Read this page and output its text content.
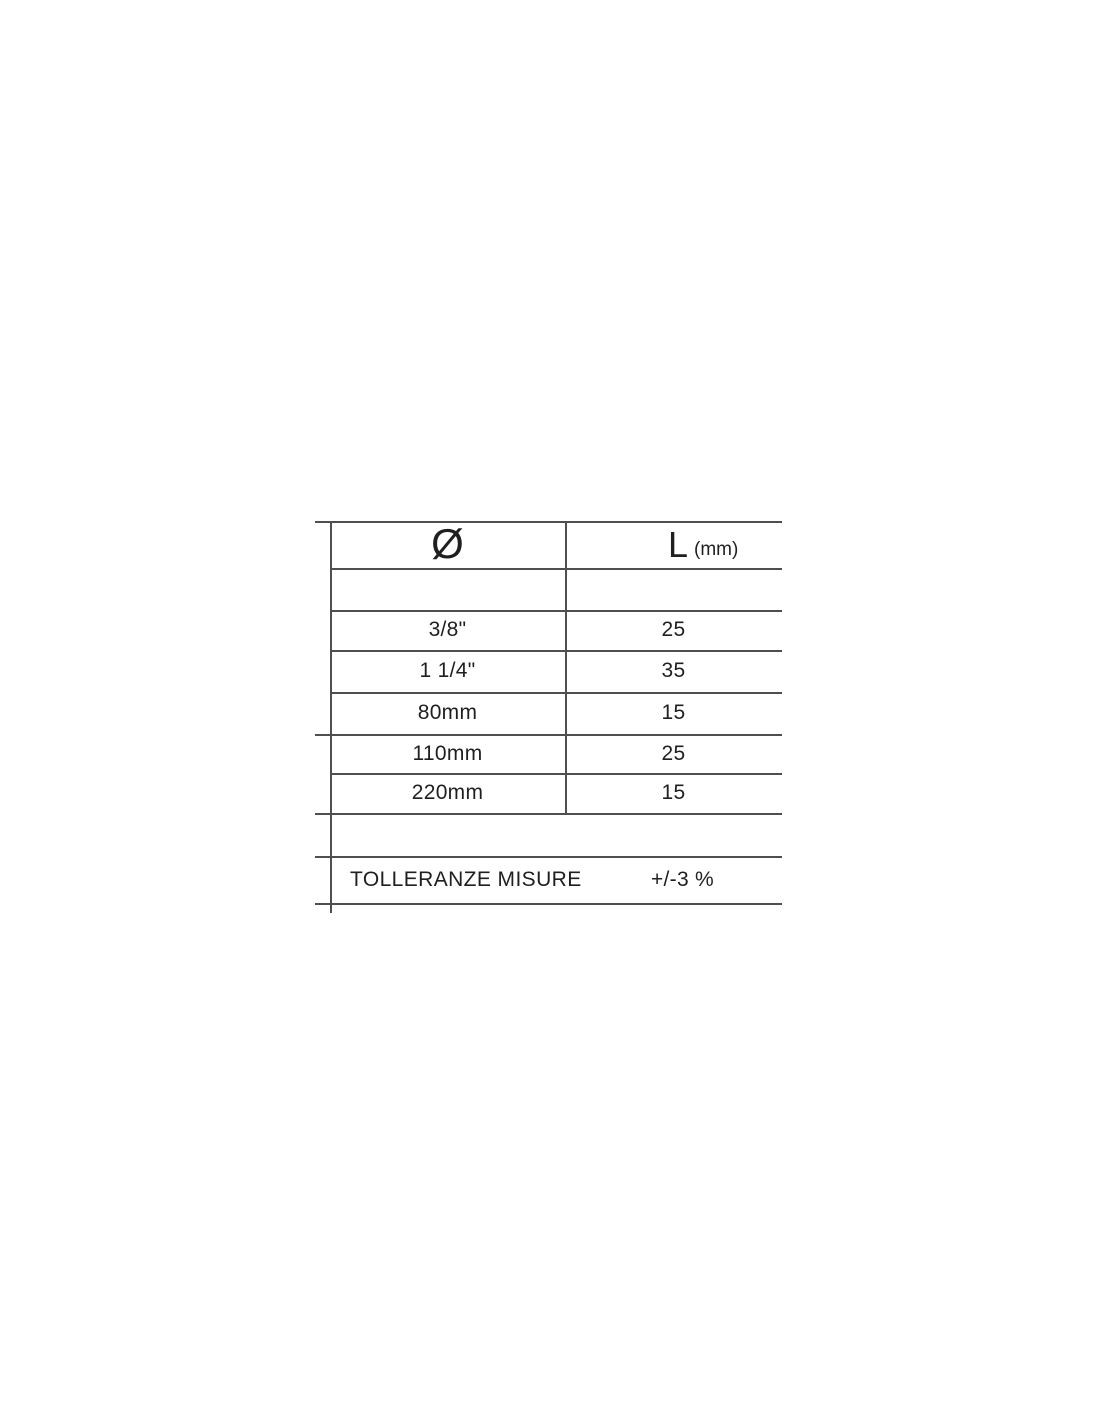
Ø	L (mm)
3/8"	25
1 1/4"	35
80mm	15
110mm	25
220mm	15
TOLLERANZE MISURE	+/-3 %
